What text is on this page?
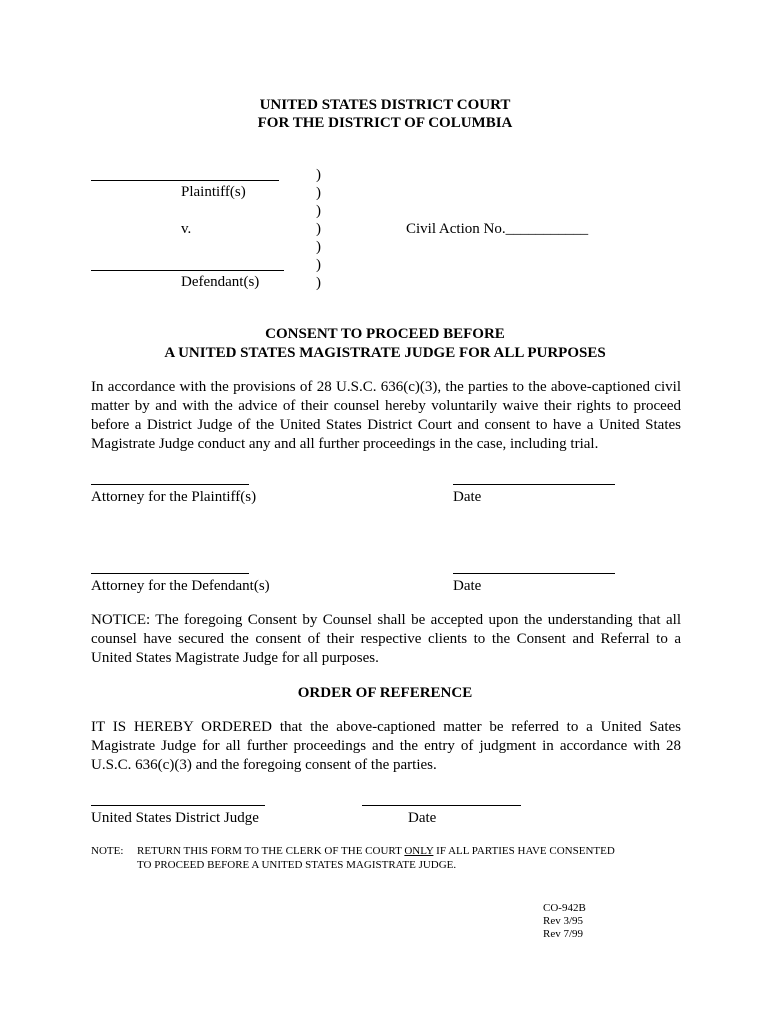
UNITED STATES DISTRICT COURT
FOR THE DISTRICT OF COLUMBIA
Plaintiff(s)
v.
Defendant(s)
Civil Action No.___________
)
)
)
)
)
)
)
CONSENT TO PROCEED BEFORE
A UNITED STATES MAGISTRATE JUDGE FOR ALL PURPOSES
In accordance with the provisions of 28 U.S.C. 636(c)(3), the parties to the above-captioned civil matter by and with the advice of their counsel hereby voluntarily waive their rights to proceed before a District Judge of the United States District Court and consent to have a United States Magistrate Judge conduct any and all further proceedings in the case, including trial.
Attorney for the Plaintiff(s)	Date
Attorney for the Defendant(s)	Date
NOTICE: The foregoing Consent by Counsel shall be accepted upon the understanding that all counsel have secured the consent of their respective clients to the Consent and Referral to a United States Magistrate Judge for all purposes.
ORDER OF REFERENCE
IT IS HEREBY ORDERED that the above-captioned matter be referred to a United Sates Magistrate Judge for all further proceedings and the entry of judgment in accordance with 28 U.S.C. 636(c)(3) and the foregoing consent of the parties.
United States District Judge	Date
NOTE: RETURN THIS FORM TO THE CLERK OF THE COURT ONLY IF ALL PARTIES HAVE CONSENTED
TO PROCEED BEFORE A UNITED STATES MAGISTRATE JUDGE.
CO-942B
Rev 3/95
Rev 7/99
